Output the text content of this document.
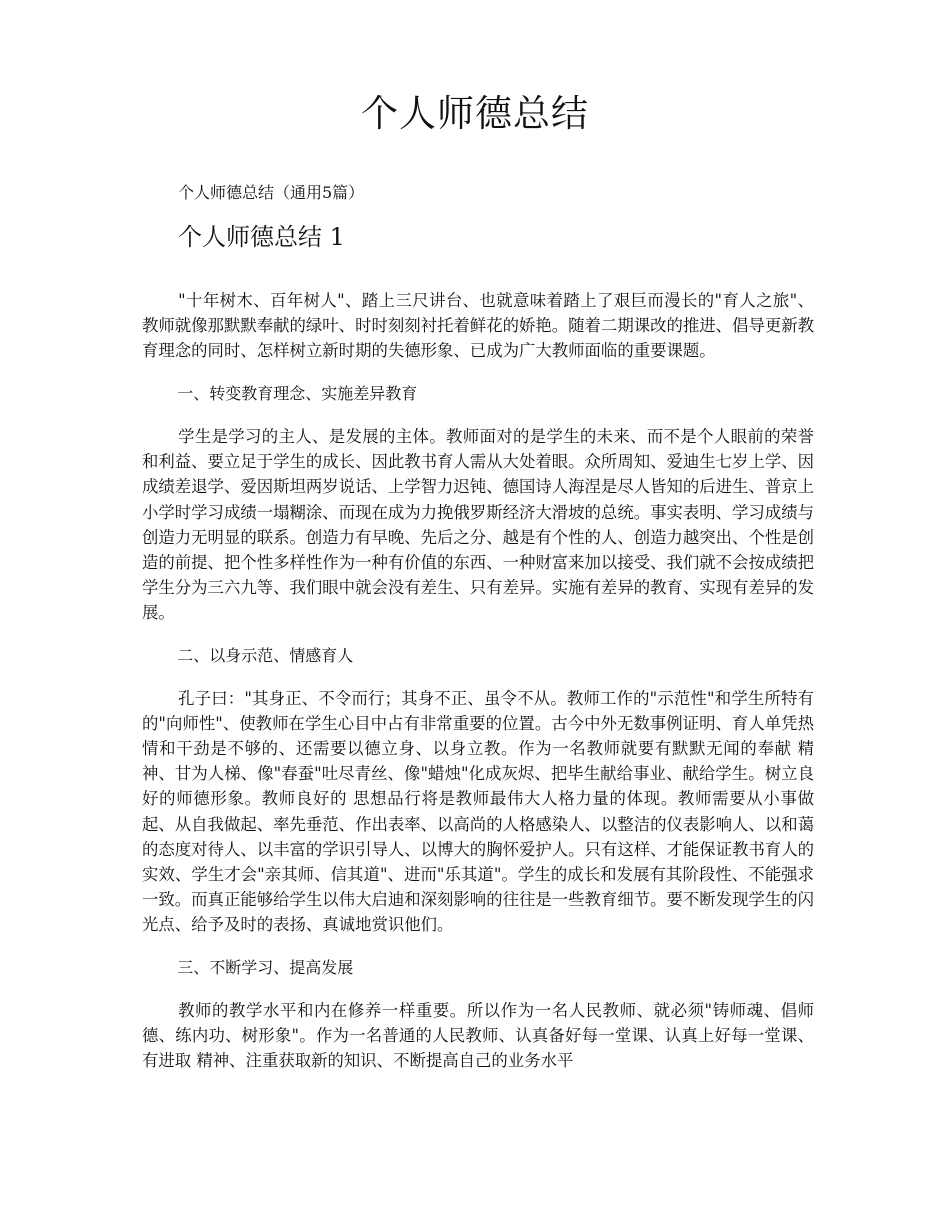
个人师德总结

个人师德总结（通用5篇）

个人师德总结 1

"十年树木、百年树人"、踏上三尺讲台、也就意味着踏上了艰巨而漫长的"育人之旅"、教师就像那默默奉献的绿叶、时时刻刻衬托着鲜花的娇艳。随着二期课改的推进、倡导更新教育理念的同时、怎样树立新时期的失德形象、已成为广大教师面临的重要课题。

一、转变教育理念、实施差异教育

学生是学习的主人、是发展的主体。教师面对的是学生的未来、而不是个人眼前的荣誉和利益、要立足于学生的成长、因此教书育人需从大处着眼。众所周知、爱迪生七岁上学、因成绩差退学、爱因斯坦两岁说话、上学智力迟钝、德国诗人海涅是尽人皆知的后进生、普京上小学时学习成绩一塌糊涂、而现在成为力挽俄罗斯经济大滑坡的总统。事实表明、学习成绩与创造力无明显的联系。创造力有早晚、先后之分、越是有个性的人、创造力越突出、个性是创造的前提、把个性多样性作为一种有价值的东西、一种财富来加以接受、我们就不会按成绩把学生分为三六九等、我们眼中就会没有差生、只有差异。实施有差异的教育、实现有差异的发展。

二、以身示范、情感育人

孔子曰："其身正、不令而行；其身不正、虽令不从。教师工作的"示范性"和学生所特有的"向师性"、使教师在学生心目中占有非常重要的位置。古今中外无数事例证明、育人单凭热情和干劲是不够的、还需要以德立身、以身立教。作为一名教师就要有默默无闻的奉献 精神、甘为人梯、像"春蚕"吐尽青丝、像"蜡烛"化成灰烬、把毕生献给事业、献给学生。树立良好的师德形象。教师良好的 思想品行将是教师最伟大人格力量的体现。教师需要从小事做起、从自我做起、率先垂范、作出表率、以高尚的人格感染人、以整洁的仪表影响人、以和蔼的态度对待人、以丰富的学识引导人、以博大的胸怀爱护人。只有这样、才能保证教书育人的实效、学生才会"亲其师、信其道"、进而"乐其道"。学生的成长和发展有其阶段性、不能强求一致。而真正能够给学生以伟大启迪和深刻影响的往往是一些教育细节。要不断发现学生的闪光点、给予及时的表扬、真诚地赏识他们。

三、不断学习、提高发展

教师的教学水平和内在修养一样重要。所以作为一名人民教师、就必须"铸师魂、倡师德、练内功、树形象"。作为一名普通的人民教师、认真备好每一堂课、认真上好每一堂课、有进取 精神、注重获取新的知识、不断提高自己的业务水平
